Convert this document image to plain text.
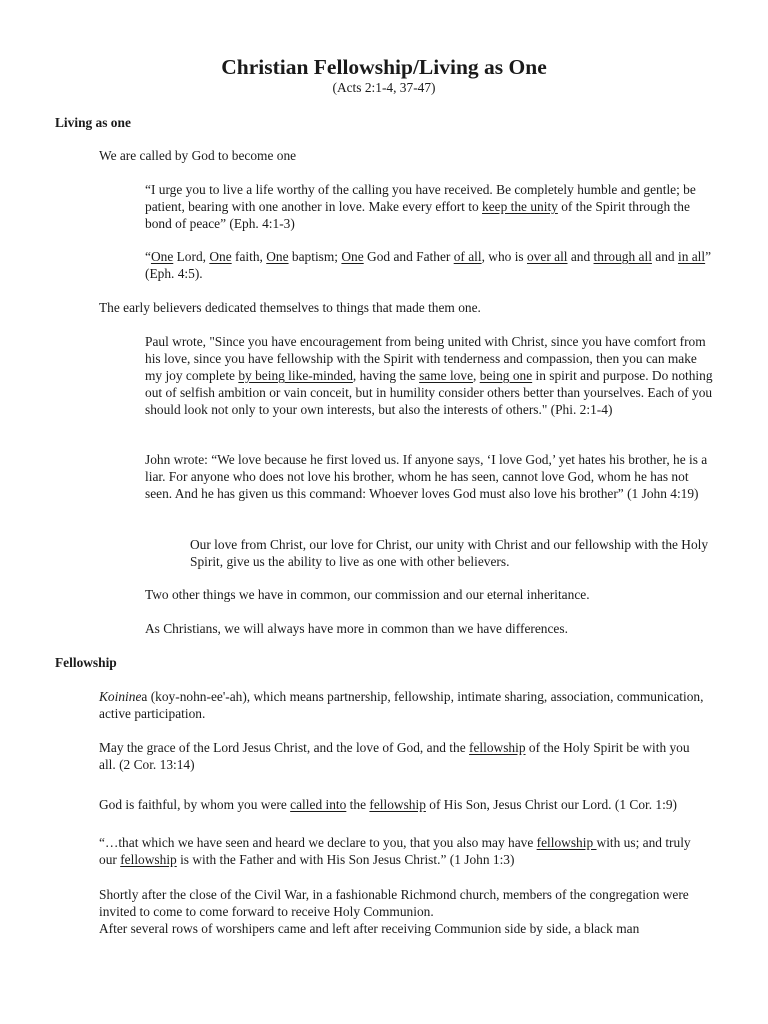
Christian Fellowship/Living as One
(Acts 2:1-4, 37-47)
Living as one

We are called by God to become one

“I urge you to live a life worthy of the calling you have received. Be completely humble and gentle; be patient, bearing with one another in love. Make every effort to keep the unity of the Spirit through the bond of peace” (Eph. 4:1-3)

“One Lord, One faith, One baptism; One God and Father of all, who is over all and through all and in all” (Eph. 4:5).

The early believers dedicated themselves to things that made them one.

Paul wrote, "Since you have encouragement from being united with Christ, since you have comfort from his love, since you have fellowship with the Spirit with tenderness and compassion, then you can make my joy complete by being like-minded, having the same love, being one in spirit and purpose. Do nothing out of selfish ambition or vain conceit, but in humility consider others better than yourselves. Each of you should look not only to your own interests, but also the interests of others." (Phi. 2:1-4)

John wrote: “We love because he first loved us. If anyone says, ‘I love God,’ yet hates his brother, he is a liar. For anyone who does not love his brother, whom he has seen, cannot love God, whom he has not seen. And he has given us this command: Whoever loves God must also love his brother” (1 John 4:19)

Our love from Christ, our love for Christ, our unity with Christ and our fellowship with the Holy Spirit, give us the ability to live as one with other believers.

Two other things we have in common, our commission and our eternal inheritance.

As Christians, we will always have more in common than we have differences.

Fellowship

Koininea (koy-nohn-ee'-ah), which means partnership, fellowship, intimate sharing, association, communication, active participation.

May the grace of the Lord Jesus Christ, and the love of God, and the fellowship of the Holy Spirit be with you all. (2 Cor. 13:14)

God is faithful, by whom you were called into the fellowship of His Son, Jesus Christ our Lord. (1 Cor. 1:9)

“…that which we have seen and heard we declare to you, that you also may have fellowship with us; and truly our fellowship is with the Father and with His Son Jesus Christ.” (1 John 1:3)

Shortly after the close of the Civil War, in a fashionable Richmond church, members of the congregation were invited to come to come forward to receive Holy Communion.

After several rows of worshipers came and left after receiving Communion side by side, a black man
